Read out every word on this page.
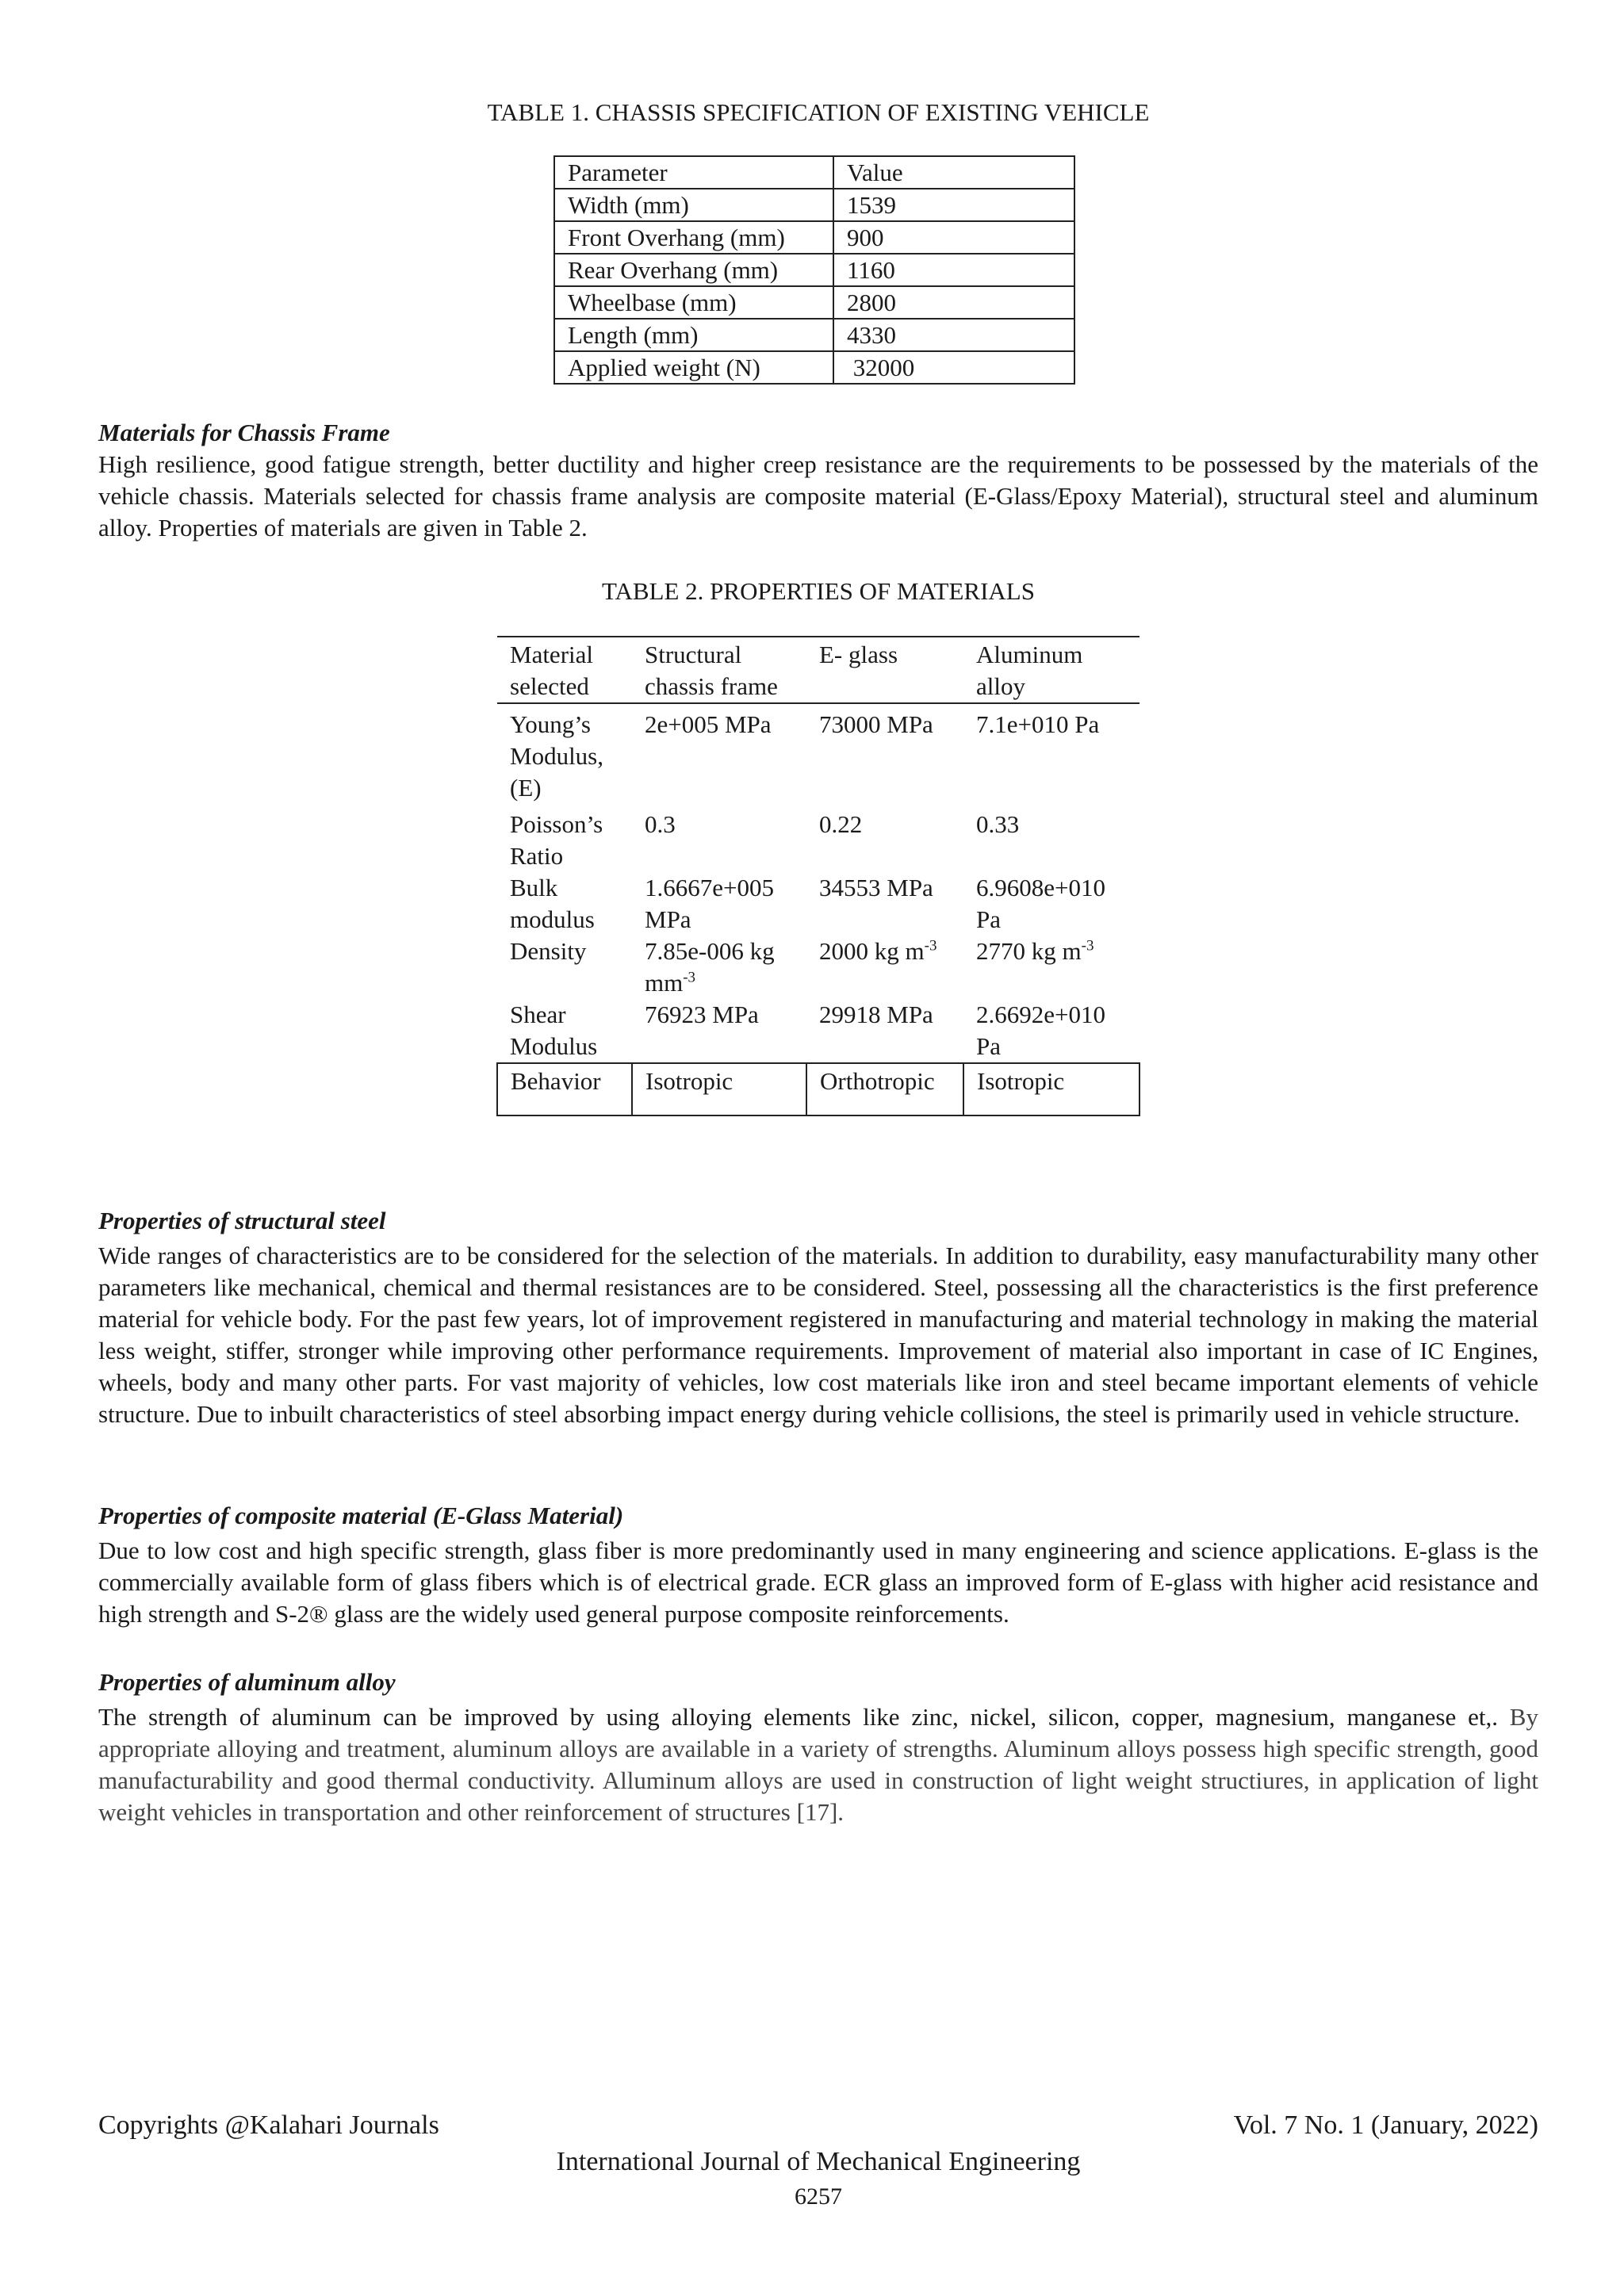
TABLE 1. CHASSIS SPECIFICATION OF EXISTING VEHICLE
Parameter	Value
Width (mm)	1539
Front Overhang (mm)	900
Rear Overhang (mm)	1160
Wheelbase (mm)	2800
Length (mm)	4330
Applied weight (N)	32000
Materials for Chassis Frame

High resilience, good fatigue strength, better ductility and higher creep resistance are the requirements to be possessed by the materials of the vehicle chassis. Materials selected for chassis frame analysis are composite material (E-Glass/Epoxy Material), structural steel and aluminum alloy. Properties of materials are given in Table 2.

TABLE 2. PROPERTIES OF MATERIALS
Material selected	Structural chassis frame	E- glass	Aluminum alloy
Young’s Modulus, (E)	2e+005 MPa	73000 MPa	7.1e+010 Pa
Poisson’s Ratio	0.3	0.22	0.33
Bulk modulus	1.6667e+005 MPa	34553 MPa	6.9608e+010 Pa
Density	7.85e-006 kg $mm^{-3}$	2000 kg $m^{-3}$	2770 kg $m^{-3}$
Shear Modulus	76923 MPa	29918 MPa	2.6692e+010 Pa
Behavior	Isotropic	Orthotropic	Isotropic
Properties of structural steel

Wide ranges of characteristics are to be considered for the selection of the materials. In addition to durability, easy manufacturability many other parameters like mechanical, chemical and thermal resistances are to be considered. Steel, possessing all the characteristics is the first preference material for vehicle body. For the past few years, lot of improvement registered in manufacturing and material technology in making the material less weight, stiffer, stronger while improving other performance requirements. Improvement of material also important in case of IC Engines, wheels, body and many other parts. For vast majority of vehicles, low cost materials like iron and steel became important elements of vehicle structure. Due to inbuilt characteristics of steel absorbing impact energy during vehicle collisions, the steel is primarily used in vehicle structure.

Properties of composite material (E-Glass Material)

Due to low cost and high specific strength, glass fiber is more predominantly used in many engineering and science applications. E-glass is the commercially available form of glass fibers which is of electrical grade. ECR glass an improved form of E-glass with higher acid resistance and high strength and S-2® glass are the widely used general purpose composite reinforcements.

Properties of aluminum alloy

The strength of aluminum can be improved by using alloying elements like zinc, nickel, silicon, copper, magnesium, manganese et,. By appropriate alloying and treatment, aluminum alloys are available in a variety of strengths. Aluminum alloys possess high specific strength, good manufacturability and good thermal conductivity. Alluminum alloys are used in construction of light weight structiures, in application of light weight vehicles in transportation and other reinforcement of structures [17].

Copyrights @Kalahari Journals	Vol. 7 No. 1 (January, 2022)
International Journal of Mechanical Engineering
6257
